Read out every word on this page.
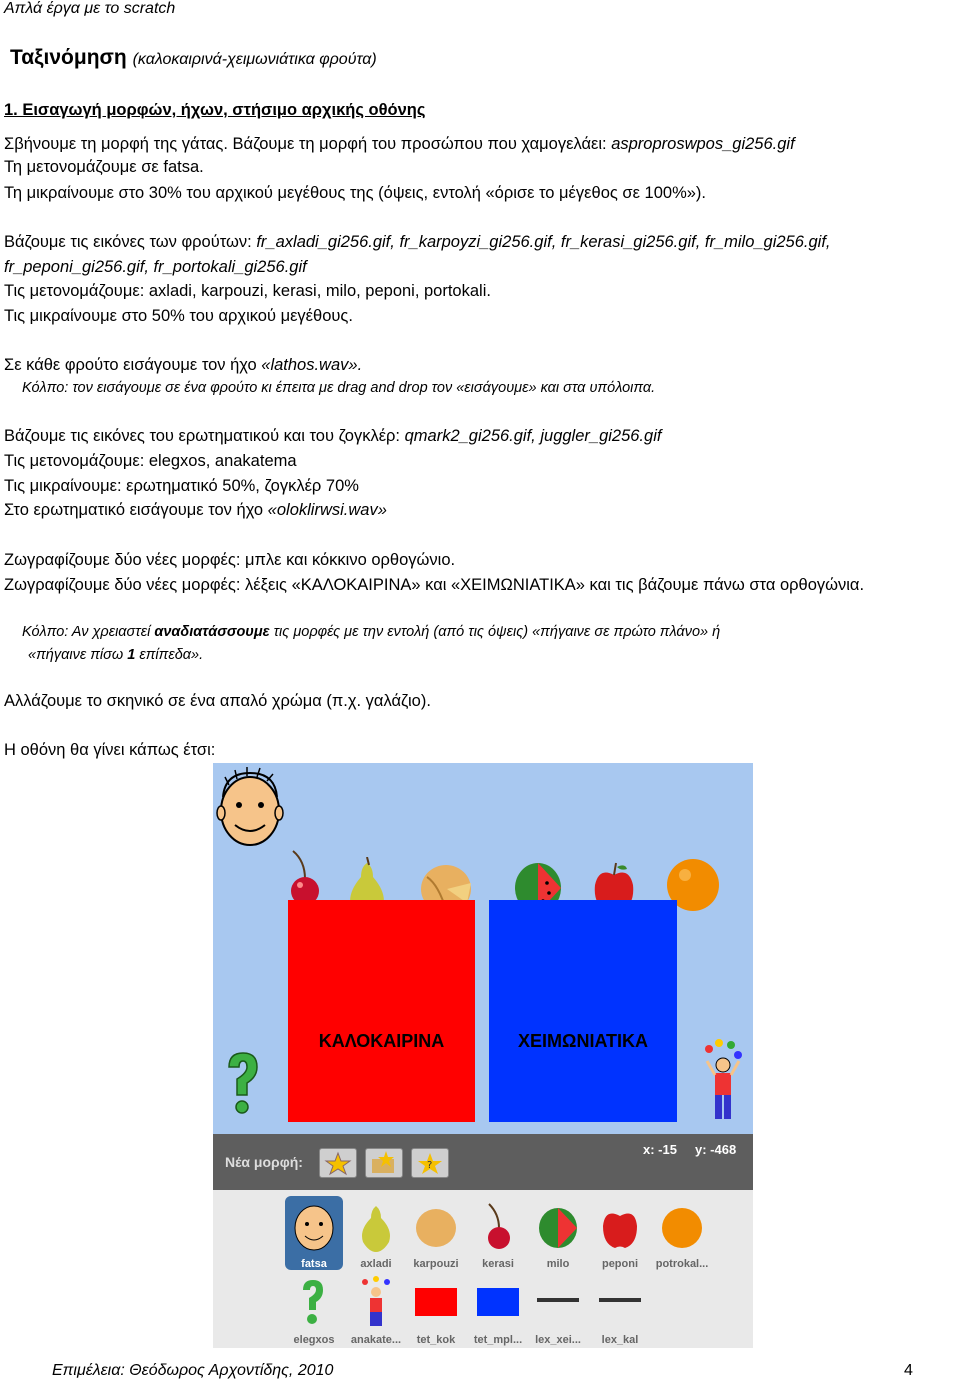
Απλά έργα με το scratch
Ταξινόμηση (καλοκαιρινά-χειμωνιάτικα φρούτα)
1. Εισαγωγή μορφών, ήχων, στήσιμο αρχικής οθόνης
Σβήνουμε τη μορφή της γάτας. Βάζουμε τη μορφή του προσώπου που χαμογελάει: asproproswpos_gi256.gif
Τη μετονομάζουμε σε fatsa.
Τη μικραίνουμε στο 30% του αρχικού μεγέθους της (όψεις, εντολή «όρισε το μέγεθος σε 100%»).
Βάζουμε τις εικόνες των φρούτων: fr_axladi_gi256.gif, fr_karpoyzi_gi256.gif, fr_kerasi_gi256.gif, fr_milo_gi256.gif,
fr_peponi_gi256.gif, fr_portokali_gi256.gif
Τις μετονομάζουμε: axladi, karpouzi, kerasi, milo, peponi, portokali.
Τις μικραίνουμε στο 50% του αρχικού μεγέθους.
Σε κάθε φρούτο εισάγουμε τον ήχο «lathos.wav».
Κόλπο: τον εισάγουμε σε ένα φρούτο κι έπειτα με drag and drop τον «εισάγουμε» και στα υπόλοιπα.
Βάζουμε τις εικόνες του ερωτηματικού και του ζογκλέρ: qmark2_gi256.gif, juggler_gi256.gif
Τις μετονομάζουμε: elegxos, anakatema
Τις μικραίνουμε: ερωτηματικό 50%, ζογκλέρ 70%
Στο ερωτηματικό εισάγουμε τον ήχο «oloklirwsi.wav»
Ζωγραφίζουμε δύο νέες μορφές: μπλε και κόκκινο ορθογώνιο.
Ζωγραφίζουμε δύο νέες μορφές: λέξεις «ΚΑΛΟΚΑΙΡΙΝΑ» και «ΧΕΙΜΩΝΙΑΤΙΚΑ» και τις βάζουμε πάνω στα ορθογώνια.
Κόλπο: Αν χρειαστεί αναδιατάσσουμε τις μορφές με την εντολή (από τις όψεις) «πήγαινε σε πρώτο πλάνο» ή
«πήγαινε πίσω 1 επίπεδα».
Αλλάζουμε το σκηνικό σε ένα απαλό χρώμα (π.χ. γαλάζιο).
Η οθόνη θα γίνει κάπως έτσι:
ΚΑΛΟΚΑΙΡΙΝΑ	ΧΕΙΜΩΝΙΑΤΙΚΑ
Νέα μορφή:	?
x: -15 y: -468
fatsa	axladi	karpouzi	kerasi	milo	peponi	potrokal...
elegxos	anakate...	tet_kok	tet_mpl...	lex_xei...	lex_kal
Επιμέλεια: Θεόδωρος Αρχοντίδης, 2010	4
